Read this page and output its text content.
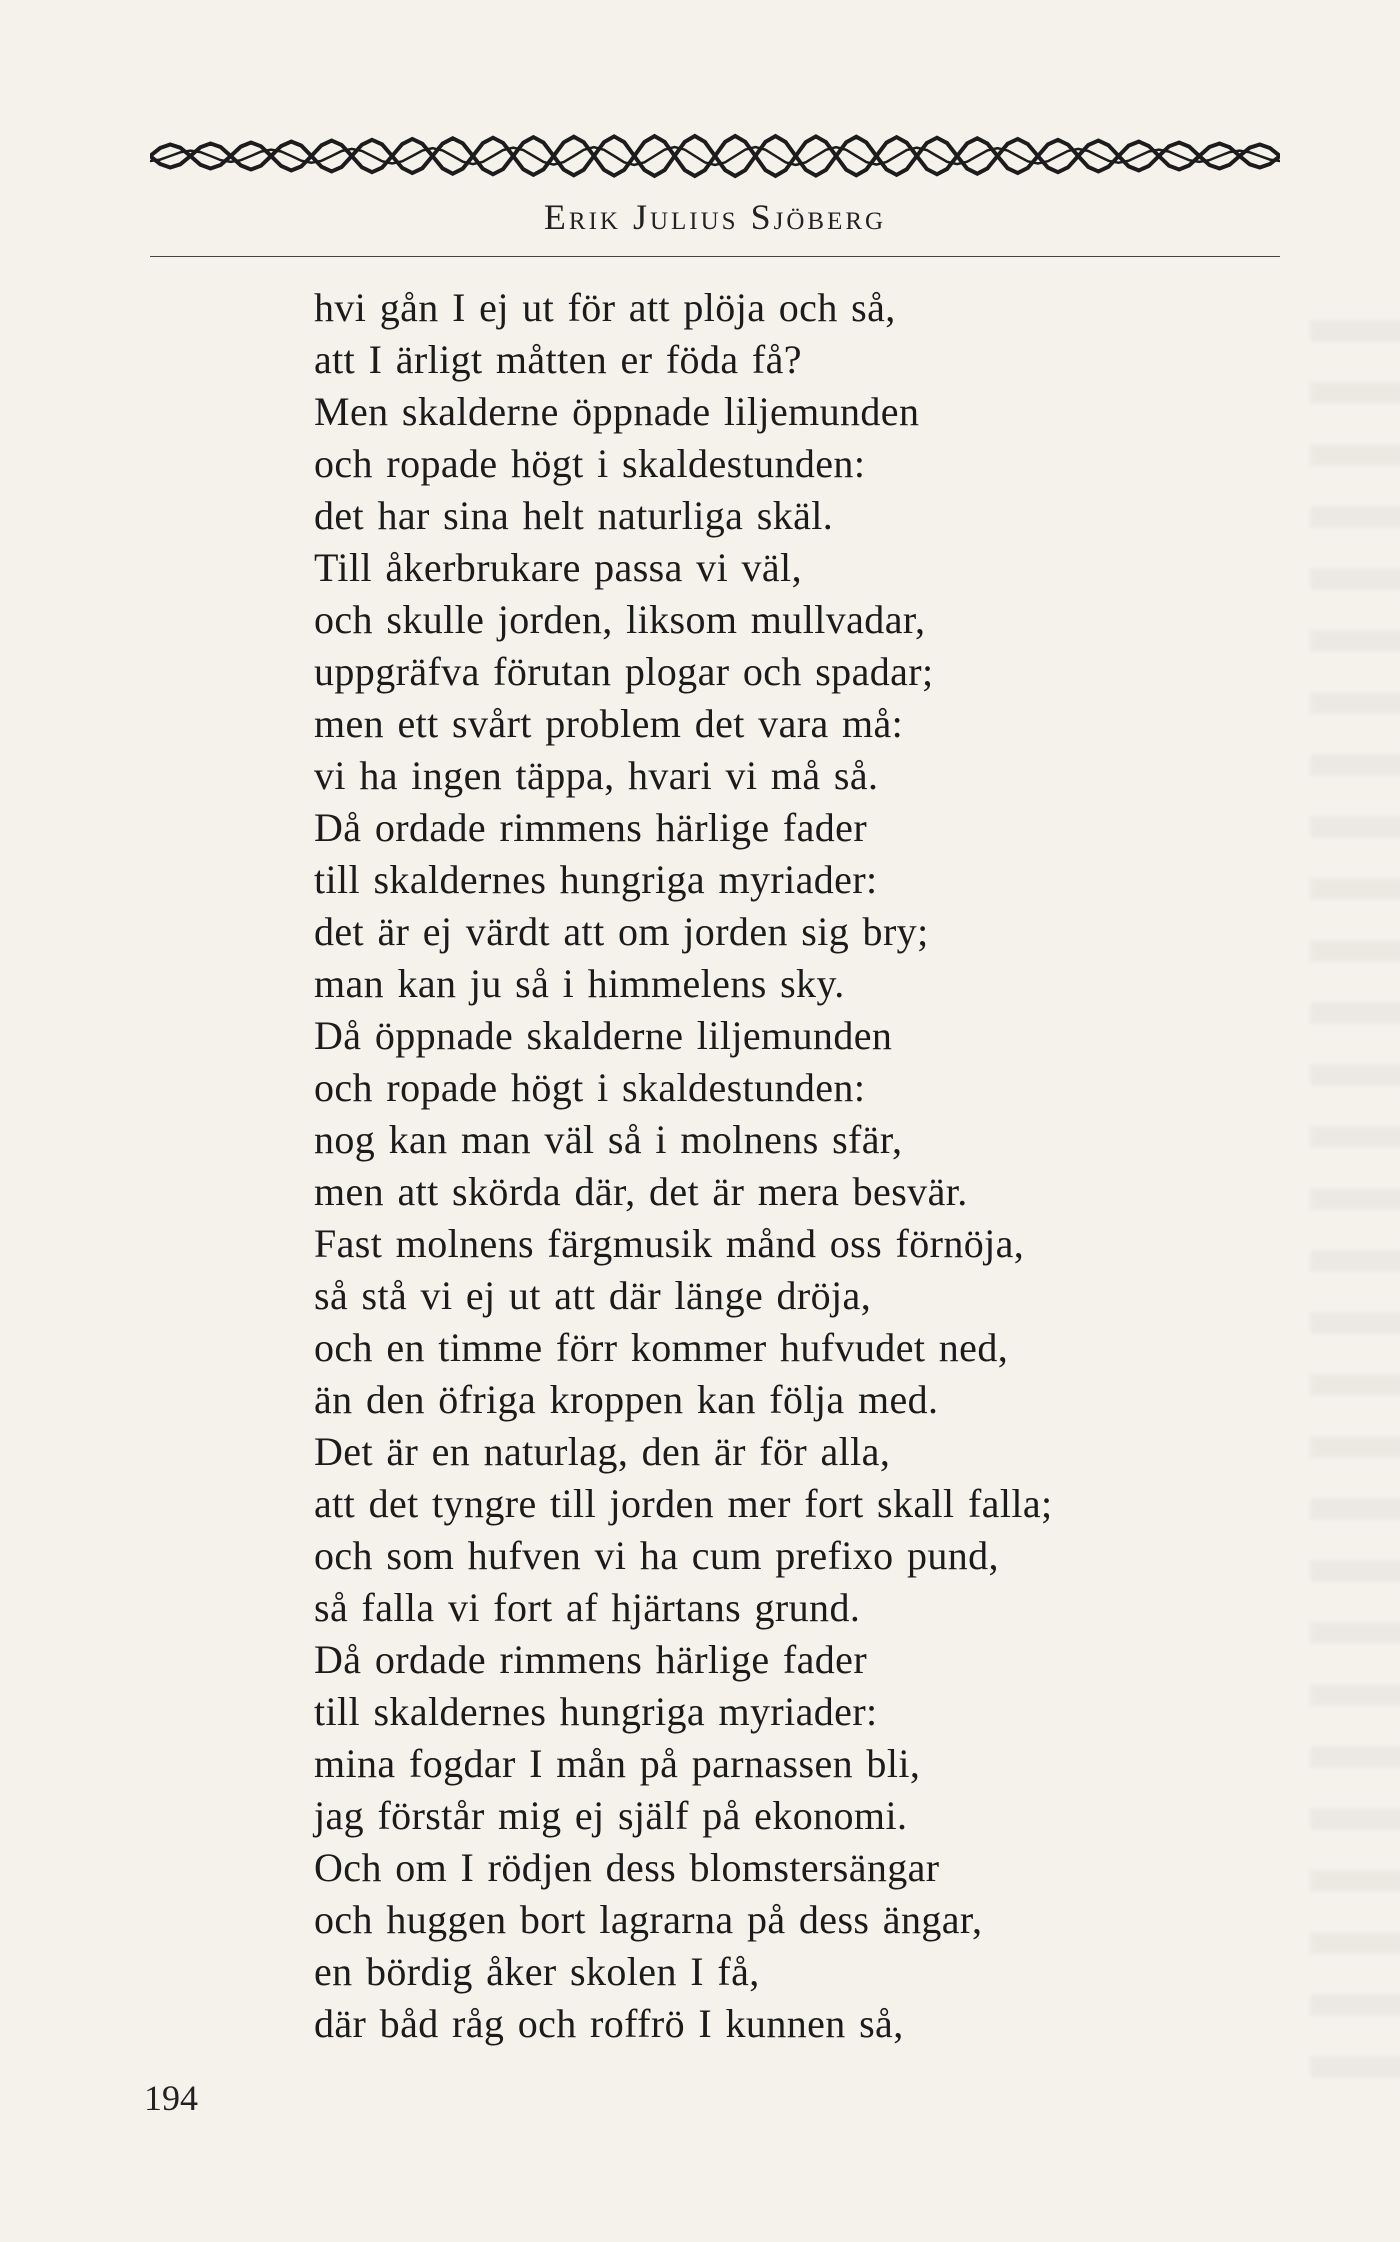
Erik Julius Sjöberg
hvi gån I ej ut för att plöja och så,
att I ärligt måtten er föda få?
Men skalderne öppnade liljemunden
och ropade högt i skaldestunden:
det har sina helt naturliga skäl.
Till åkerbrukare passa vi väl,
och skulle jorden, liksom mullvadar,
uppgräfva förutan plogar och spadar;
men ett svårt problem det vara må:
vi ha ingen täppa, hvari vi må så.
Då ordade rimmens härlige fader
till skaldernes hungriga myriader:
det är ej värdt att om jorden sig bry;
man kan ju så i himmelens sky.
Då öppnade skalderne liljemunden
och ropade högt i skaldestunden:
nog kan man väl så i molnens sfär,
men att skörda där, det är mera besvär.
Fast molnens färgmusik månd oss förnöja,
så stå vi ej ut att där länge dröja,
och en timme förr kommer hufvudet ned,
än den öfriga kroppen kan följa med.
Det är en naturlag, den är för alla,
att det tyngre till jorden mer fort skall falla;
och som hufven vi ha cum prefixo pund,
så falla vi fort af hjärtans grund.
Då ordade rimmens härlige fader
till skaldernes hungriga myriader:
mina fogdar I mån på parnassen bli,
jag förstår mig ej själf på ekonomi.
Och om I rödjen dess blomstersängar
och huggen bort lagrarna på dess ängar,
en bördig åker skolen I få,
där båd råg och roffrö I kunnen så,
194
